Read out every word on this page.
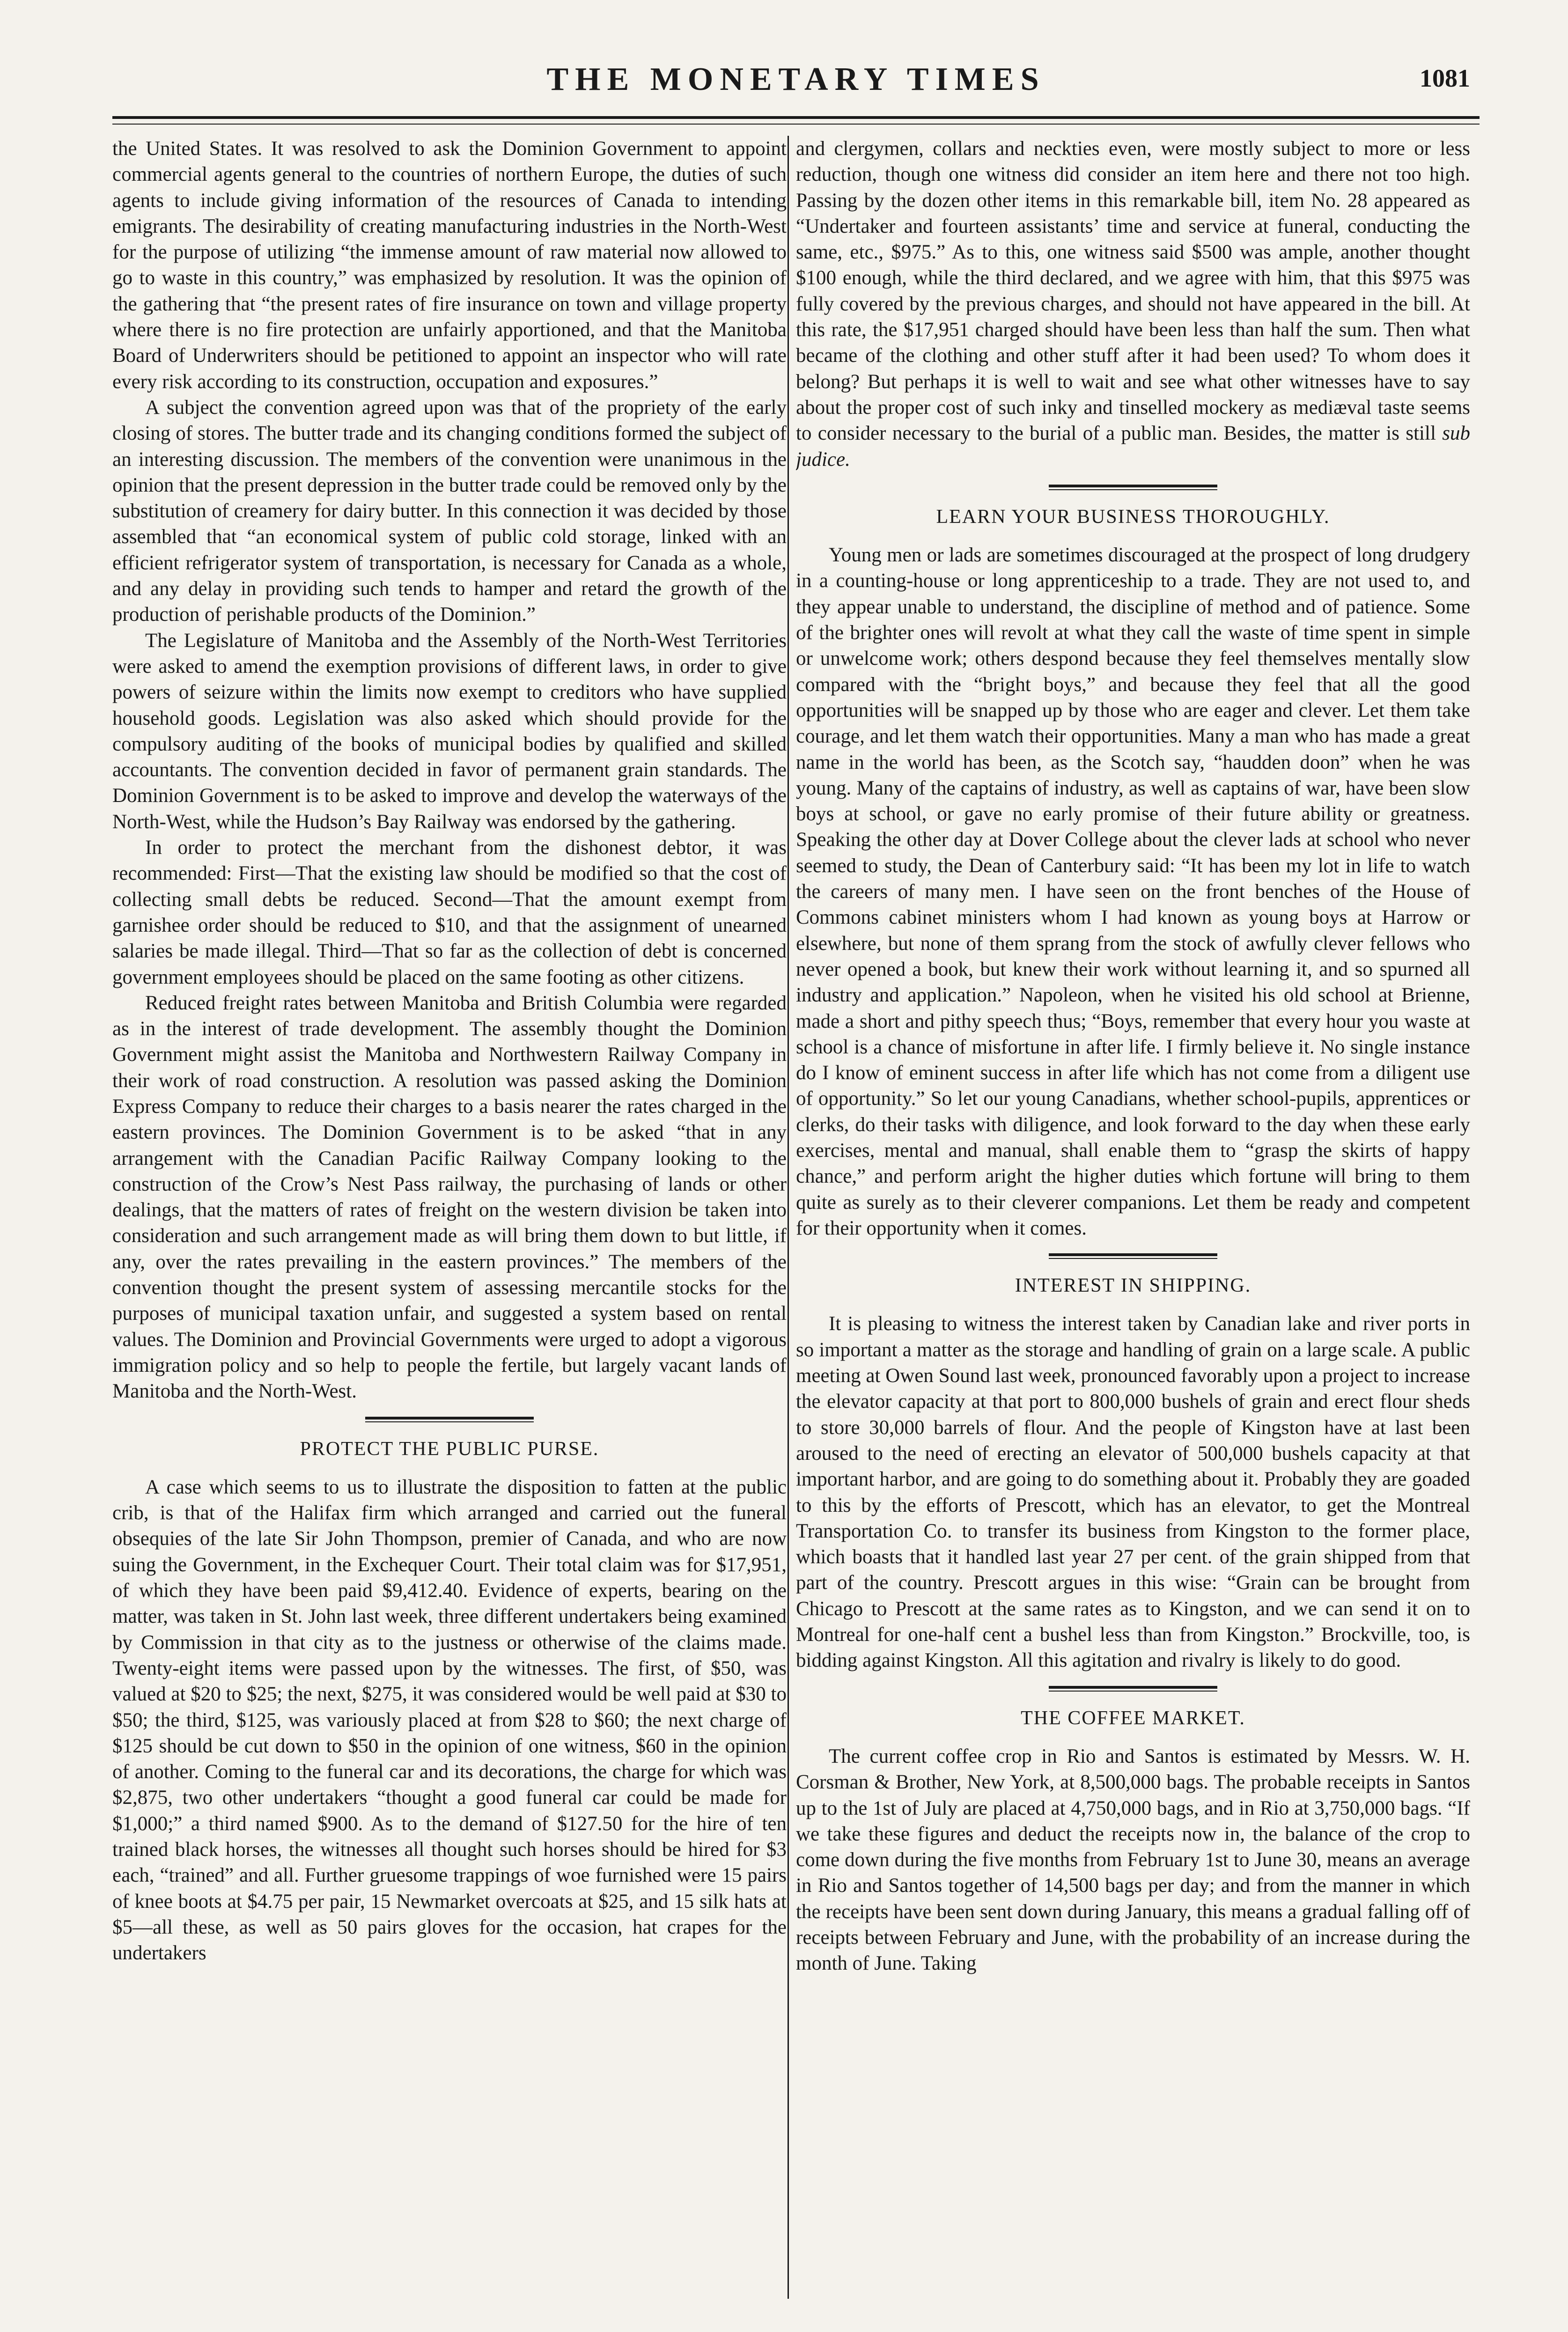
THE MONETARY TIMES	1081

the United States. It was resolved to ask the Dominion Government to appoint commercial agents general to the countries of northern Europe, the duties of such agents to include giving information of the resources of Canada to intending emigrants. The desirability of creating manufacturing industries in the North-West for the purpose of utilizing “the immense amount of raw material now allowed to go to waste in this country,” was emphasized by resolution. It was the opinion of the gathering that “the present rates of fire insurance on town and village property where there is no fire protection are unfairly apportioned, and that the Manitoba Board of Underwriters should be petitioned to appoint an inspector who will rate every risk according to its construction, occupation and exposures.”

A subject the convention agreed upon was that of the propriety of the early closing of stores. The butter trade and its changing conditions formed the subject of an interesting discussion. The members of the convention were unanimous in the opinion that the present depression in the butter trade could be removed only by the substitution of creamery for dairy butter. In this connection it was decided by those assembled that “an economical system of public cold storage, linked with an efficient refrigerator system of transportation, is necessary for Canada as a whole, and any delay in providing such tends to hamper and retard the growth of the production of perishable products of the Dominion.”

The Legislature of Manitoba and the Assembly of the North-West Territories were asked to amend the exemption provisions of different laws, in order to give powers of seizure within the limits now exempt to creditors who have supplied household goods. Legislation was also asked which should provide for the compulsory auditing of the books of municipal bodies by qualified and skilled accountants. The convention decided in favor of permanent grain standards. The Dominion Government is to be asked to improve and develop the waterways of the North-West, while the Hudson’s Bay Railway was endorsed by the gathering.

In order to protect the merchant from the dishonest debtor, it was recommended: First—That the existing law should be modified so that the cost of collecting small debts be reduced. Second—That the amount exempt from garnishee order should be reduced to $10, and that the assignment of unearned salaries be made illegal. Third—That so far as the collection of debt is concerned government employees should be placed on the same footing as other citizens.

Reduced freight rates between Manitoba and British Columbia were regarded as in the interest of trade development. The assembly thought the Dominion Government might assist the Manitoba and Northwestern Railway Company in their work of road construction. A resolution was passed asking the Dominion Express Company to reduce their charges to a basis nearer the rates charged in the eastern provinces. The Dominion Government is to be asked “that in any arrangement with the Canadian Pacific Railway Company looking to the construction of the Crow’s Nest Pass railway, the purchasing of lands or other dealings, that the matters of rates of freight on the western division be taken into consideration and such arrangement made as will bring them down to but little, if any, over the rates prevailing in the eastern provinces.” The members of the convention thought the present system of assessing mercantile stocks for the purposes of municipal taxation unfair, and suggested a system based on rental values. The Dominion and Provincial Governments were urged to adopt a vigorous immigration policy and so help to people the fertile, but largely vacant lands of Manitoba and the North-West.

PROTECT THE PUBLIC PURSE.

A case which seems to us to illustrate the disposition to fatten at the public crib, is that of the Halifax firm which arranged and carried out the funeral obsequies of the late Sir John Thompson, premier of Canada, and who are now suing the Government, in the Exchequer Court. Their total claim was for $17,951, of which they have been paid $9,412.40. Evidence of experts, bearing on the matter, was taken in St. John last week, three different undertakers being examined by Commission in that city as to the justness or otherwise of the claims made. Twenty-eight items were passed upon by the witnesses. The first, of $50, was valued at $20 to $25; the next, $275, it was considered would be well paid at $30 to $50; the third, $125, was variously placed at from $28 to $60; the next charge of $125 should be cut down to $50 in the opinion of one witness, $60 in the opinion of another. Coming to the funeral car and its decorations, the charge for which was $2,875, two other undertakers “thought a good funeral car could be made for $1,000;” a third named $900. As to the demand of $127.50 for the hire of ten trained black horses, the witnesses all thought such horses should be hired for $3 each, “trained” and all. Further gruesome trappings of woe furnished were 15 pairs of knee boots at $4.75 per pair, 15 Newmarket overcoats at $25, and 15 silk hats at $5—all these, as well as 50 pairs gloves for the occasion, hat crapes for the undertakers

and clergymen, collars and neckties even, were mostly subject to more or less reduction, though one witness did consider an item here and there not too high. Passing by the dozen other items in this remarkable bill, item No. 28 appeared as “Undertaker and fourteen assistants’ time and service at funeral, conducting the same, etc., $975.” As to this, one witness said $500 was ample, another thought $100 enough, while the third declared, and we agree with him, that this $975 was fully covered by the previous charges, and should not have appeared in the bill. At this rate, the $17,951 charged should have been less than half the sum. Then what became of the clothing and other stuff after it had been used? To whom does it belong? But perhaps it is well to wait and see what other witnesses have to say about the proper cost of such inky and tinselled mockery as mediæval taste seems to consider necessary to the burial of a public man. Besides, the matter is still sub judice.

LEARN YOUR BUSINESS THOROUGHLY.

Young men or lads are sometimes discouraged at the prospect of long drudgery in a counting-house or long apprenticeship to a trade. They are not used to, and they appear unable to understand, the discipline of method and of patience. Some of the brighter ones will revolt at what they call the waste of time spent in simple or unwelcome work; others despond because they feel themselves mentally slow compared with the “bright boys,” and because they feel that all the good opportunities will be snapped up by those who are eager and clever. Let them take courage, and let them watch their opportunities. Many a man who has made a great name in the world has been, as the Scotch say, “haudden doon” when he was young. Many of the captains of industry, as well as captains of war, have been slow boys at school, or gave no early promise of their future ability or greatness. Speaking the other day at Dover College about the clever lads at school who never seemed to study, the Dean of Canterbury said: “It has been my lot in life to watch the careers of many men. I have seen on the front benches of the House of Commons cabinet ministers whom I had known as young boys at Harrow or elsewhere, but none of them sprang from the stock of awfully clever fellows who never opened a book, but knew their work without learning it, and so spurned all industry and application.” Napoleon, when he visited his old school at Brienne, made a short and pithy speech thus; “Boys, remember that every hour you waste at school is a chance of misfortune in after life. I firmly believe it. No single instance do I know of eminent success in after life which has not come from a diligent use of opportunity.” So let our young Canadians, whether school-pupils, apprentices or clerks, do their tasks with diligence, and look forward to the day when these early exercises, mental and manual, shall enable them to “grasp the skirts of happy chance,” and perform aright the higher duties which fortune will bring to them quite as surely as to their cleverer companions. Let them be ready and competent for their opportunity when it comes.

INTEREST IN SHIPPING.

It is pleasing to witness the interest taken by Canadian lake and river ports in so important a matter as the storage and handling of grain on a large scale. A public meeting at Owen Sound last week, pronounced favorably upon a project to increase the elevator capacity at that port to 800,000 bushels of grain and erect flour sheds to store 30,000 barrels of flour. And the people of Kingston have at last been aroused to the need of erecting an elevator of 500,000 bushels capacity at that important harbor, and are going to do something about it. Probably they are goaded to this by the efforts of Prescott, which has an elevator, to get the Montreal Transportation Co. to transfer its business from Kingston to the former place, which boasts that it handled last year 27 per cent. of the grain shipped from that part of the country. Prescott argues in this wise: “Grain can be brought from Chicago to Prescott at the same rates as to Kingston, and we can send it on to Montreal for one-half cent a bushel less than from Kingston.” Brockville, too, is bidding against Kingston. All this agitation and rivalry is likely to do good.

THE COFFEE MARKET.

The current coffee crop in Rio and Santos is estimated by Messrs. W. H. Corsman & Brother, New York, at 8,500,000 bags. The probable receipts in Santos up to the 1st of July are placed at 4,750,000 bags, and in Rio at 3,750,000 bags. “If we take these figures and deduct the receipts now in, the balance of the crop to come down during the five months from February 1st to June 30, means an average in Rio and Santos together of 14,500 bags per day; and from the manner in which the receipts have been sent down during January, this means a gradual falling off of receipts between February and June, with the probability of an increase during the month of June. Taking
